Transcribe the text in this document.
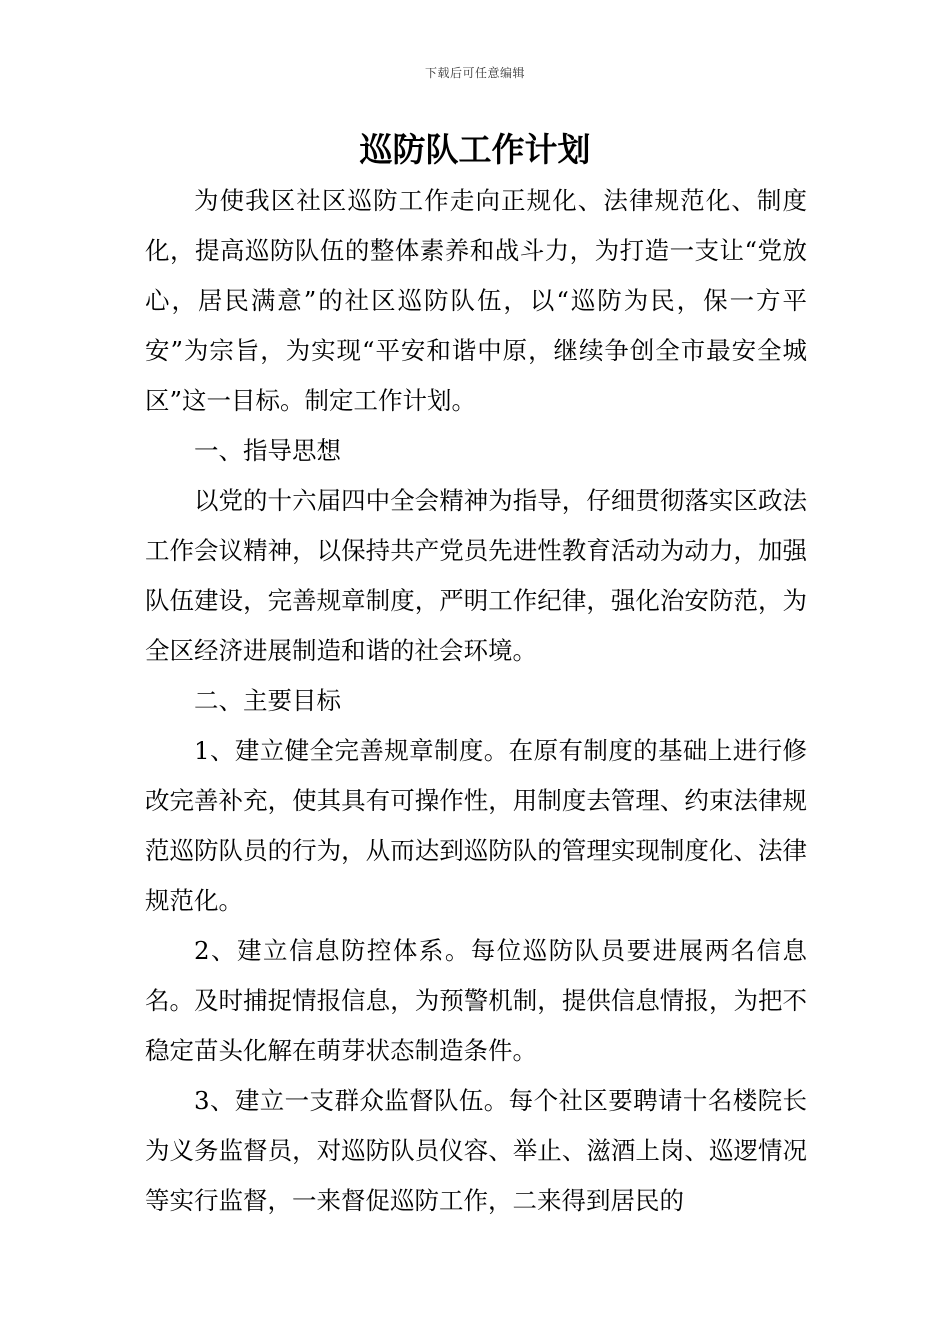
下载后可任意编辑
巡防队工作计划

为使我区社区巡防工作走向正规化、法律规范化、制度化，提高巡防队伍的整体素养和战斗力，为打造一支让“党放心，居民满意”的社区巡防队伍，以“巡防为民，保一方平安”为宗旨，为实现“平安和谐中原，继续争创全市最安全城区”这一目标。制定工作计划。

一、指导思想

以党的十六届四中全会精神为指导，仔细贯彻落实区政法工作会议精神，以保持共产党员先进性教育活动为动力，加强队伍建设，完善规章制度，严明工作纪律，强化治安防范，为全区经济进展制造和谐的社会环境。

二、主要目标

1、建立健全完善规章制度。在原有制度的基础上进行修改完善补充，使其具有可操作性，用制度去管理、约束法律规范巡防队员的行为，从而达到巡防队的管理实现制度化、法律规范化。

2、建立信息防控体系。每位巡防队员要进展两名信息名。及时捕捉情报信息，为预警机制，提供信息情报，为把不稳定苗头化解在萌芽状态制造条件。

3、建立一支群众监督队伍。每个社区要聘请十名楼院长为义务监督员，对巡防队员仪容、举止、滋酒上岗、巡逻情况等实行监督，一来督促巡防工作，二来得到居民的
